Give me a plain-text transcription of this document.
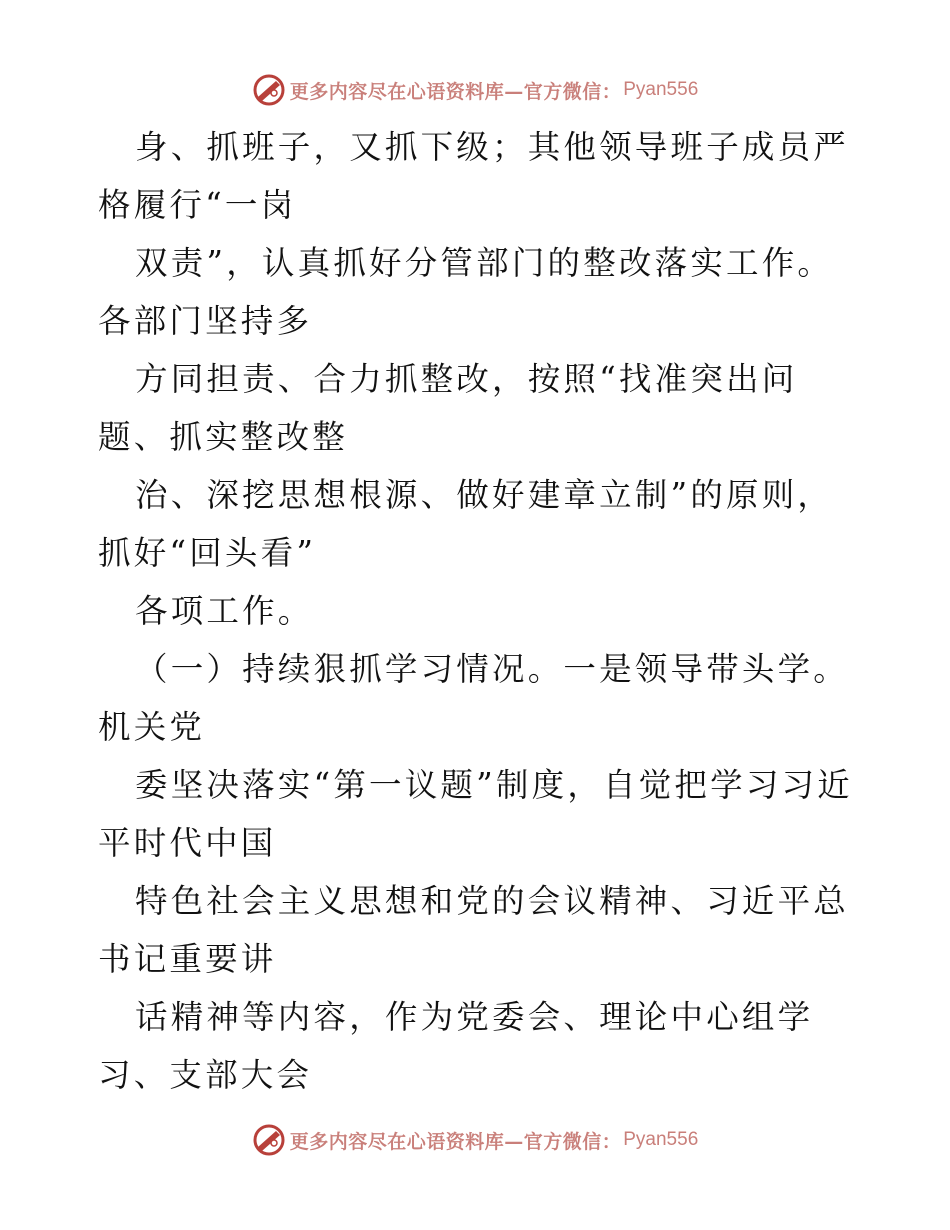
更多内容尽在心语资料库—官方微信： Pyan556

身、抓班子，又抓下级；其他领导班子成员严格履行“一岗

双责”，认真抓好分管部门的整改落实工作。各部门坚持多

方同担责、合力抓整改，按照“找准突出问题、抓实整改整

治、深挖思想根源、做好建章立制”的原则，抓好“回头看”

各项工作。

（一）持续狠抓学习情况。一是领导带头学。机关党

委坚决落实“第一议题”制度，自觉把学习习近平时代中国

特色社会主义思想和党的会议精神、习近平总书记重要讲

话精神等内容，作为党委会、理论中心组学习、支部大会

更多内容尽在心语资料库—官方微信： Pyan556
